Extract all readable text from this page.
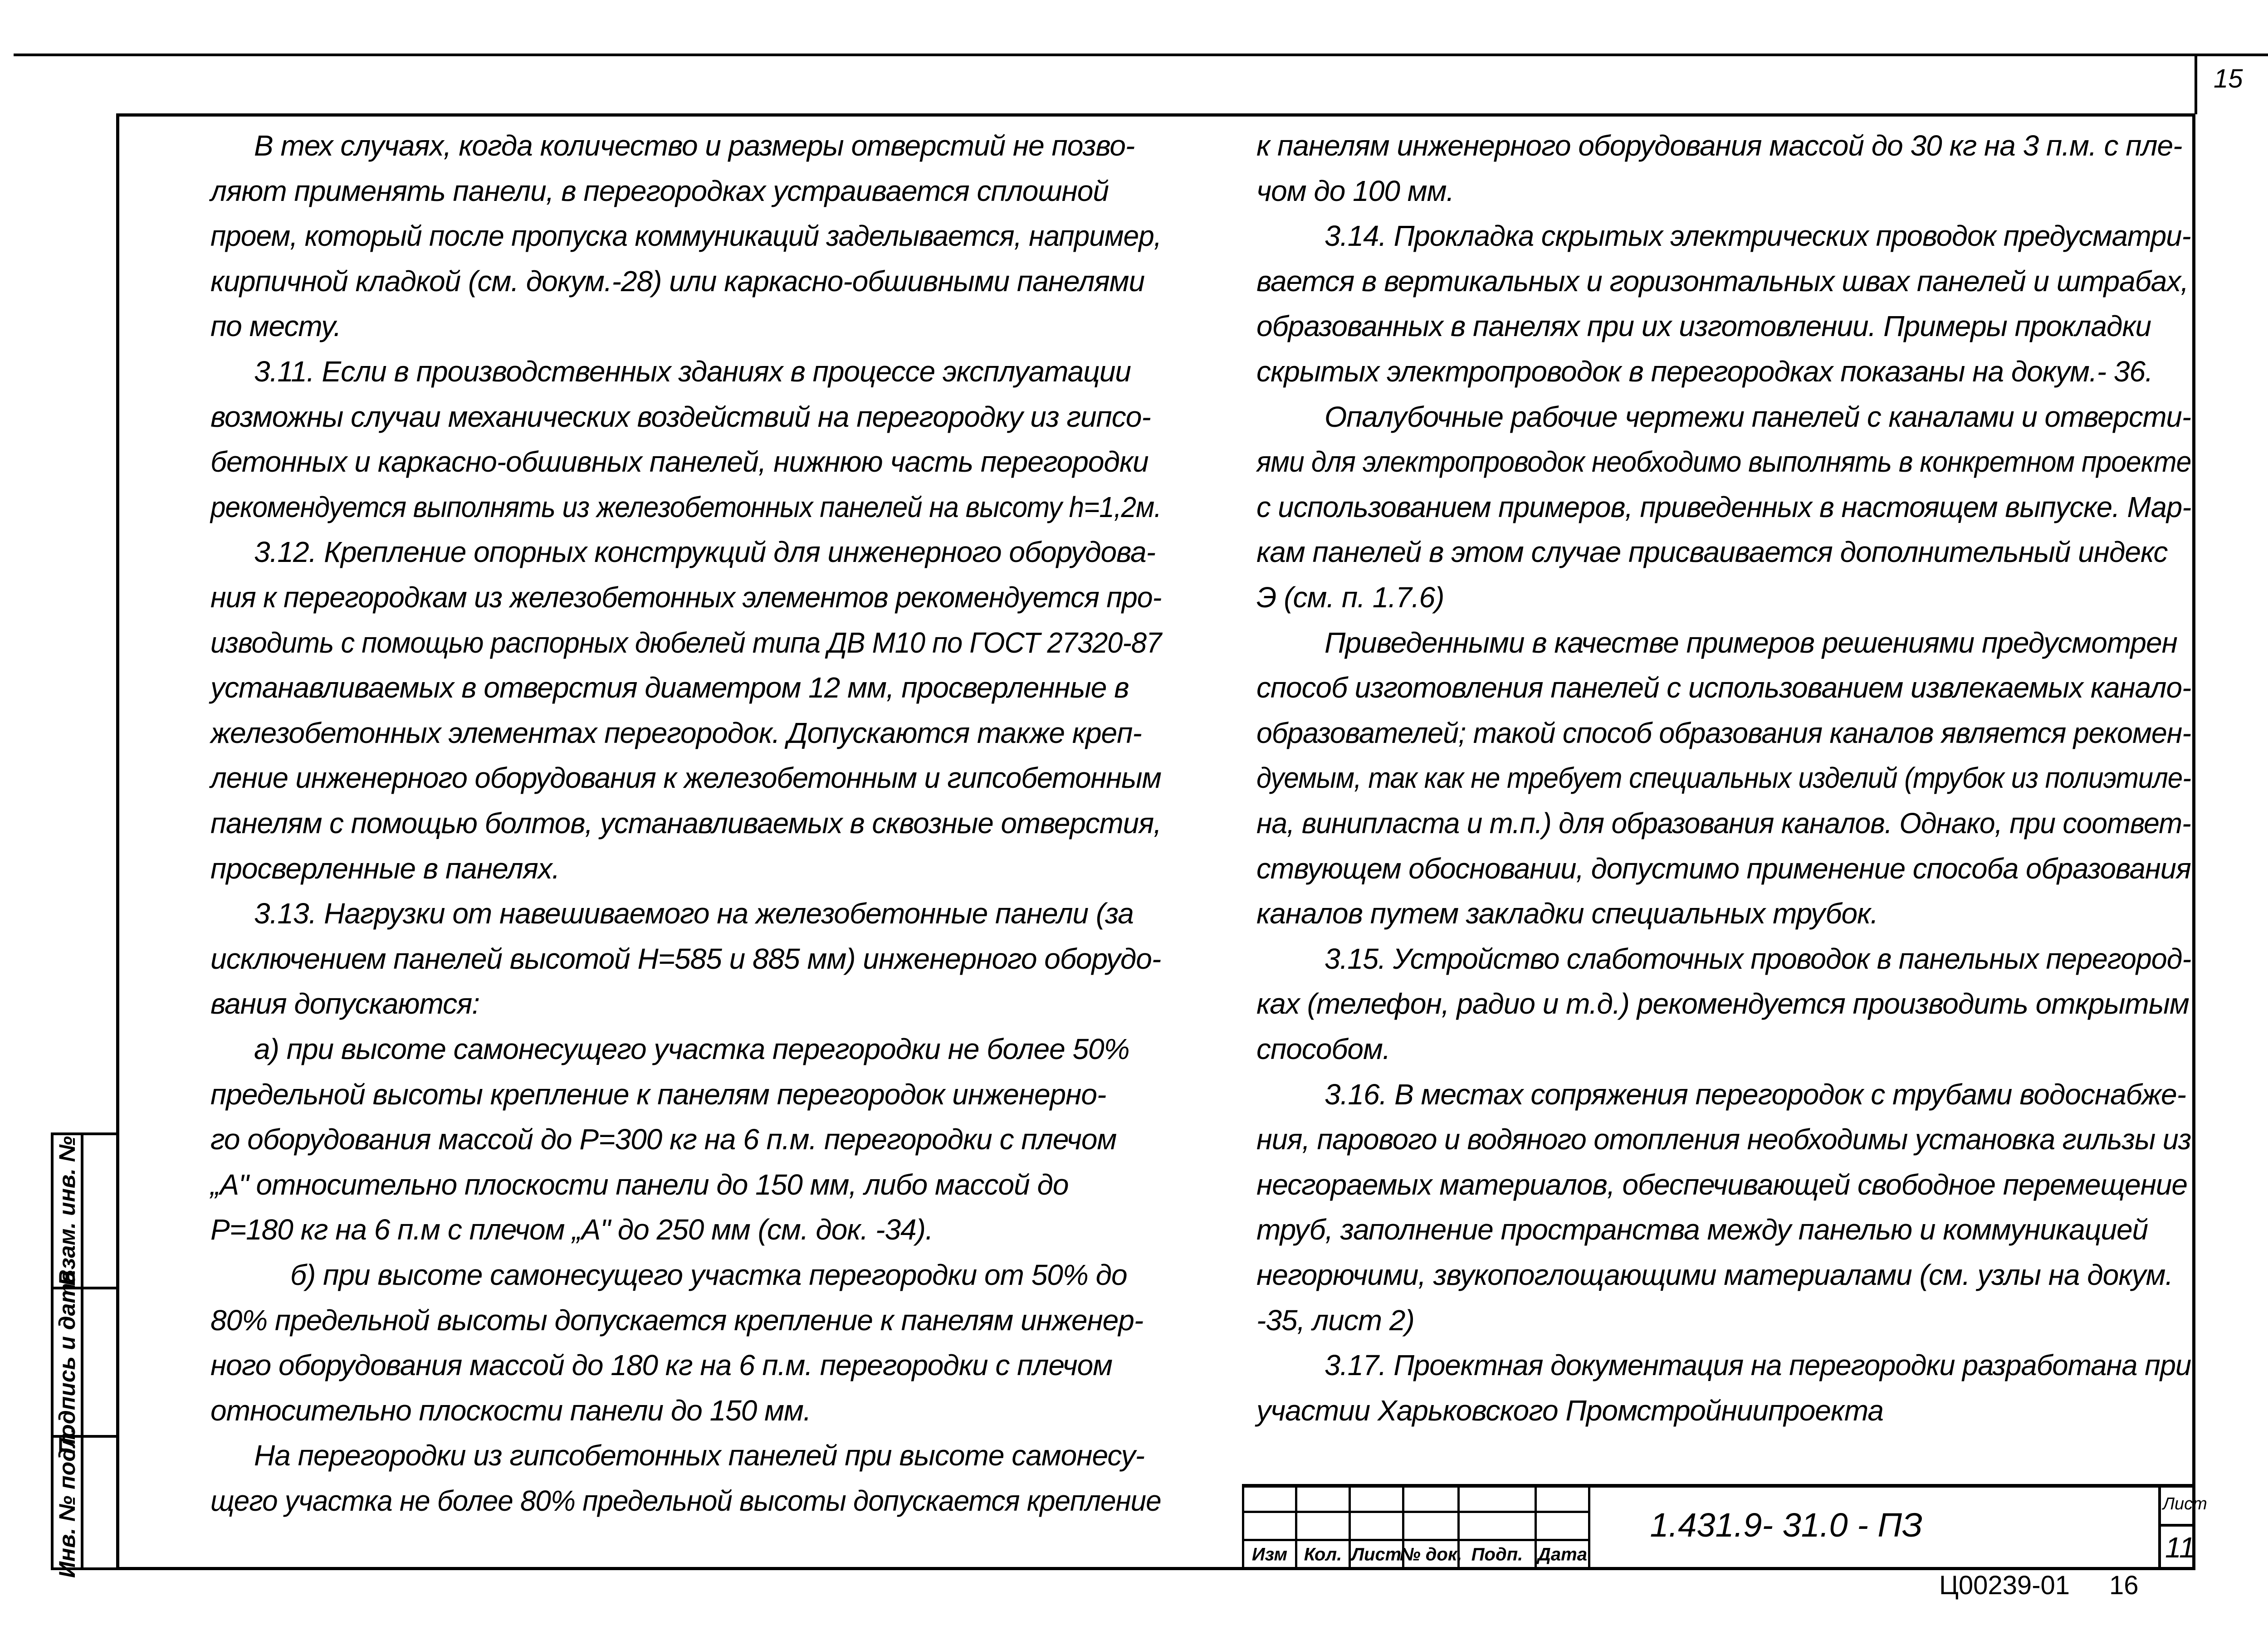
15
В тех случаях, когда количество и размеры отверстий не позво-
ляют применять панели, в перегородках устраивается сплошной
проем, который после пропуска коммуникаций заделывается, например,
кирпичной кладкой (см. докум.-28) или каркасно-обшивными панелями
по месту.
3.11. Если в производственных зданиях в процессе эксплуатации
возможны случаи механических воздействий на перегородку из гипсо-
бетонных и каркасно-обшивных панелей, нижнюю часть перегородки
рекомендуется выполнять из железобетонных панелей на высоту h=1,2м.
3.12. Крепление опорных конструкций для инженерного оборудова-
ния к перегородкам из железобетонных элементов рекомендуется про-
изводить с помощью распорных дюбелей типа ДВ М10 по ГОСТ 27320-87
устанавливаемых в отверстия диаметром 12 мм, просверленные в
железобетонных элементах перегородок. Допускаются также креп-
ление инженерного оборудования к железобетонным и гипсобетонным
панелям с помощью болтов, устанавливаемых в сквозные отверстия,
просверленные в панелях.
3.13. Нагрузки от навешиваемого на железобетонные панели (за
исключением панелей высотой H=585 и 885 мм) инженерного оборудо-
вания допускаются:
а) при высоте самонесущего участка перегородки не более 50%
предельной высоты крепление к панелям перегородок инженерно-
го оборудования массой до P=300 кг на 6 п.м. перегородки с плечом
„А" относительно плоскости панели до 150 мм, либо массой до
P=180 кг на 6 п.м с плечом „А" до 250 мм (см. док. -34).
б) при высоте самонесущего участка перегородки от 50% до
80% предельной высоты допускается крепление к панелям инженер-
ного оборудования массой до 180 кг на 6 п.м. перегородки с плечом
относительно плоскости панели до 150 мм.
На перегородки из гипсобетонных панелей при высоте самонесу-
щего участка не более 80% предельной высоты допускается крепление
к панелям инженерного оборудования массой до 30 кг на 3 п.м. с пле-
чом до 100 мм.
3.14. Прокладка скрытых электрических проводок предусматри-
вается в вертикальных и горизонтальных швах панелей и штрабах,
образованных в панелях при их изготовлении. Примеры прокладки
скрытых электропроводок в перегородках показаны на докум.- 36.
Опалубочные рабочие чертежи панелей с каналами и отверсти-
ями для электропроводок необходимо выполнять в конкретном проекте
с использованием примеров, приведенных в настоящем выпуске. Мар-
кам панелей в этом случае присваивается дополнительный индекс
Э (см. п. 1.7.6)
Приведенными в качестве примеров решениями предусмотрен
способ изготовления панелей с использованием извлекаемых канало-
образователей; такой способ образования каналов является рекомен-
дуемым, так как не требует специальных изделий (трубок из полиэтиле-
на, винипласта и т.п.) для образования каналов. Однако, при соответ-
ствующем обосновании, допустимо применение способа образования
каналов путем закладки специальных трубок.
3.15. Устройство слаботочных проводок в панельных перегород-
ках (телефон, радио и т.д.) рекомендуется производить открытым
способом.
3.16. В местах сопряжения перегородок с трубами водоснабже-
ния, парового и водяного отопления необходимы установка гильзы из
несгораемых материалов, обеспечивающей свободное перемещение
труб, заполнение пространства между панелью и коммуникацией
негорючими, звукопоглощающими материалами (см. узлы на докум.
-35, лист 2)
3.17. Проектная документация на перегородки разработана при
участии Харьковского Промстройниипроекта
Взам. инв. №
Подпись и дата
Инв. № подл.	Изм Кол. Лист
№ док. Подп. Дата
1.431.9- 31.0 - ПЗ
Лист
11
Ц00239-01 16
